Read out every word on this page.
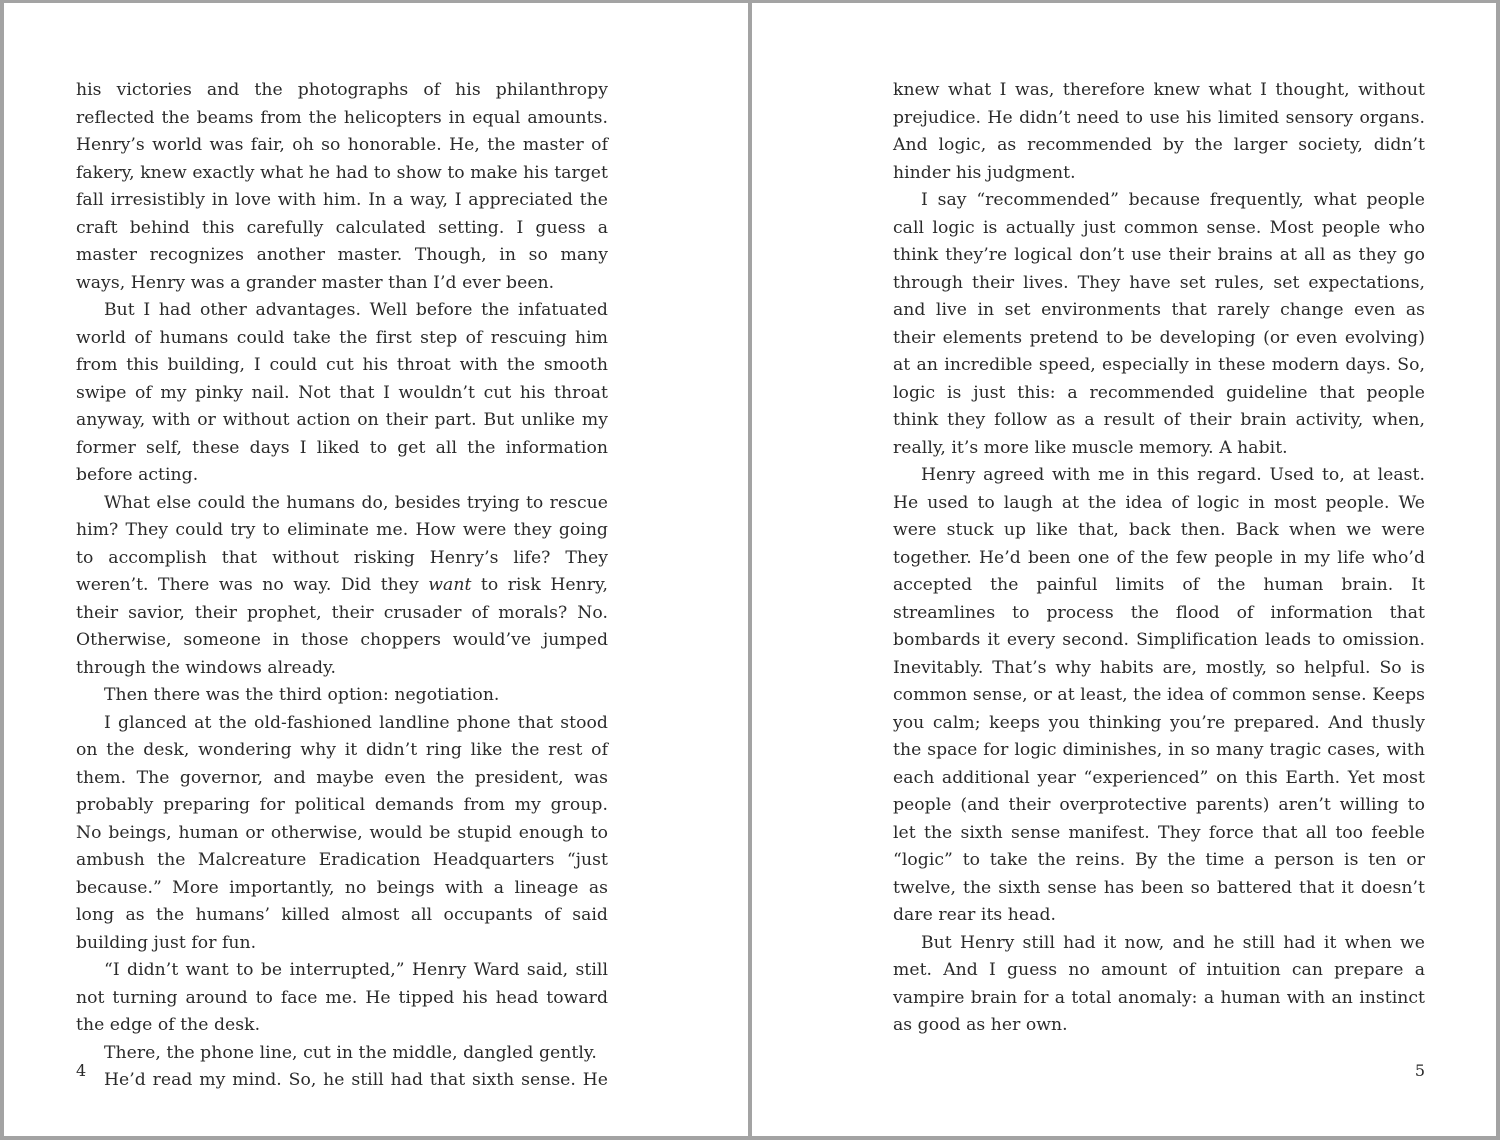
his victories and the photographs of his philanthropy reflected the beams from the helicopters in equal amounts. Henry’s world was fair, oh so honorable. He, the master of fakery, knew exactly what he had to show to make his target fall irresistibly in love with him. In a way, I appreciated the craft behind this carefully calculated setting. I guess a master recognizes another master. Though, in so many ways, Henry was a grander master than I’d ever been.

But I had other advantages. Well before the infatuated world of humans could take the first step of rescuing him from this building, I could cut his throat with the smooth swipe of my pinky nail. Not that I wouldn’t cut his throat anyway, with or without action on their part. But unlike my former self, these days I liked to get all the information before acting.

What else could the humans do, besides trying to rescue him? They could try to eliminate me. How were they going to accomplish that without risking Henry’s life? They weren’t. There was no way. Did they want to risk Henry, their savior, their prophet, their crusader of morals? No. Otherwise, someone in those choppers would’ve jumped through the windows already.

Then there was the third option: negotiation.

I glanced at the old-fashioned landline phone that stood on the desk, wondering why it didn’t ring like the rest of them. The governor, and maybe even the president, was probably preparing for political demands from my group. No beings, human or otherwise, would be stupid enough to ambush the Malcreature Eradication Headquarters “just because.” More importantly, no beings with a lineage as long as the humans’ killed almost all occupants of said building just for fun.

“I didn’t want to be interrupted,” Henry Ward said, still not turning around to face me. He tipped his head toward the edge of the desk.

There, the phone line, cut in the middle, dangled gently.

He’d read my mind. So, he still had that sixth sense. He

4

knew what I was, therefore knew what I thought, without prejudice. He didn’t need to use his limited sensory organs. And logic, as recommended by the larger society, didn’t hinder his judgment.

I say “recommended” because frequently, what people call logic is actually just common sense. Most people who think they’re logical don’t use their brains at all as they go through their lives. They have set rules, set expectations, and live in set environments that rarely change even as their elements pretend to be developing (or even evolving) at an incredible speed, especially in these modern days. So, logic is just this: a recommended guideline that people think they follow as a result of their brain activity, when, really, it’s more like muscle memory. A habit.

Henry agreed with me in this regard. Used to, at least. He used to laugh at the idea of logic in most people. We were stuck up like that, back then. Back when we were together. He’d been one of the few people in my life who’d accepted the painful limits of the human brain. It streamlines to process the flood of information that bombards it every second. Simplification leads to omission. Inevitably. That’s why habits are, mostly, so helpful. So is common sense, or at least, the idea of common sense. Keeps you calm; keeps you thinking you’re prepared. And thusly the space for logic diminishes, in so many tragic cases, with each additional year “experienced” on this Earth. Yet most people (and their overprotective parents) aren’t willing to let the sixth sense manifest. They force that all too feeble “logic” to take the reins. By the time a person is ten or twelve, the sixth sense has been so battered that it doesn’t dare rear its head.

But Henry still had it now, and he still had it when we met. And I guess no amount of intuition can prepare a vampire brain for a total anomaly: a human with an instinct as good as her own.

5
